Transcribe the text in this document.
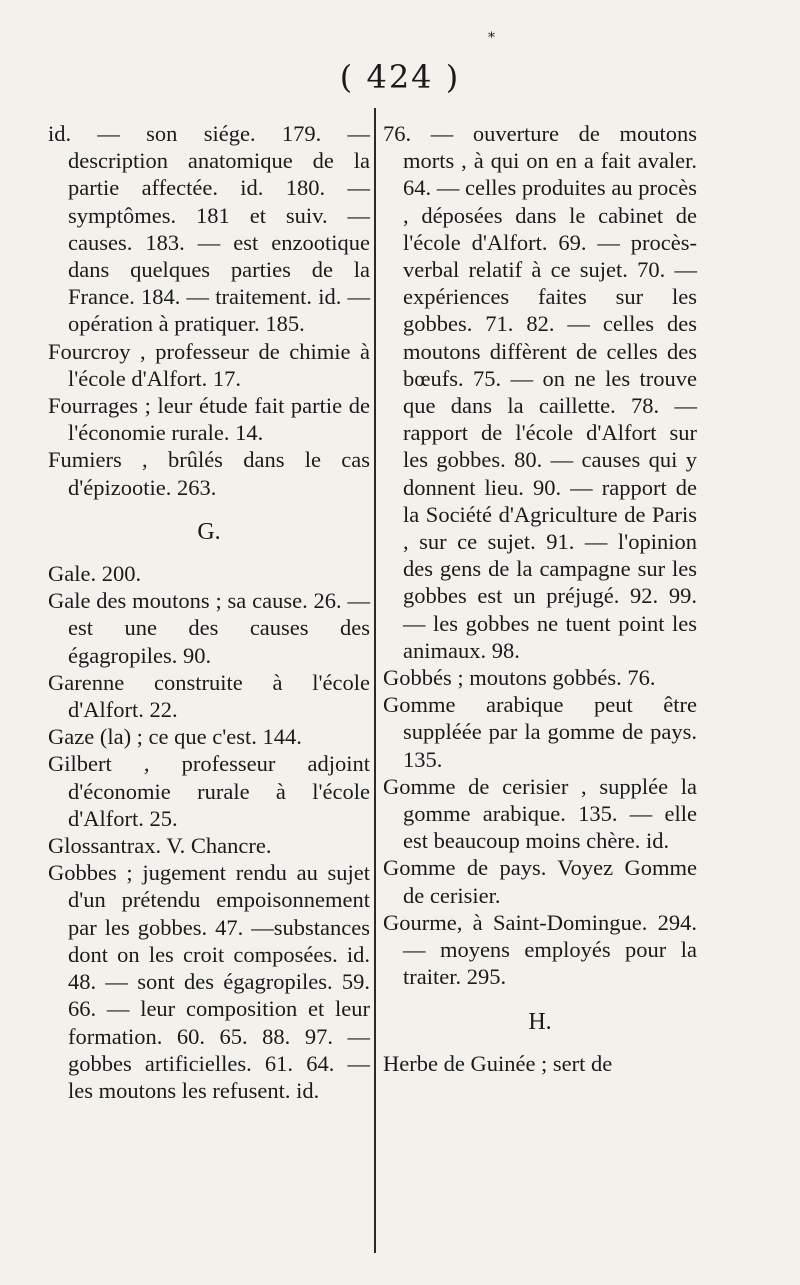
*
( 424 )
id. — son siége. 179. — description anatomique de la partie affectée. id. 180. —symptômes. 181 et suiv. — causes. 183. — est enzootique dans quelques parties de la France. 184. — traitement. id. — opération à pratiquer. 185.
Fourcroy , professeur de chimie à l'école d'Alfort. 17.
Fourrages ; leur étude fait partie de l'économie rurale. 14.
Fumiers , brûlés dans le cas d'épizootie. 263.
G.
Gale. 200.
Gale des moutons ; sa cause. 26. — est une des causes des égagropiles. 90.
Garenne construite à l'école d'Alfort. 22.
Gaze (la) ; ce que c'est. 144.
Gilbert , professeur adjoint d'économie rurale à l'école d'Alfort. 25.
Glossantrax. V. Chancre.
Gobbes ; jugement rendu au sujet d'un prétendu empoisonnement par les gobbes. 47. —substances dont on les croit composées. id. 48. — sont des égagropiles. 59. 66. — leur composition et leur formation. 60. 65. 88. 97. — gobbes artificielles. 61. 64. — les moutons les refusent. id.
76. — ouverture de moutons morts , à qui on en a fait avaler. 64. — celles produites au procès , déposées dans le cabinet de l'école d'Alfort. 69. — procès-verbal relatif à ce sujet. 70. — expériences faites sur les gobbes. 71. 82. — celles des moutons diffèrent de celles des bœufs. 75. — on ne les trouve que dans la caillette. 78. — rapport de l'école d'Alfort sur les gobbes. 80. — causes qui y donnent lieu. 90. — rapport de la Société d'Agriculture de Paris , sur ce sujet. 91. — l'opinion des gens de la campagne sur les gobbes est un préjugé. 92. 99. — les gobbes ne tuent point les animaux. 98.
Gobbés ; moutons gobbés. 76.
Gomme arabique peut être suppléée par la gomme de pays. 135.
Gomme de cerisier , supplée la gomme arabique. 135. — elle est beaucoup moins chère. id.
Gomme de pays. Voyez Gomme de cerisier.
Gourme, à Saint-Domingue. 294. — moyens employés pour la traiter. 295.
H.
Herbe de Guinée ; sert de
